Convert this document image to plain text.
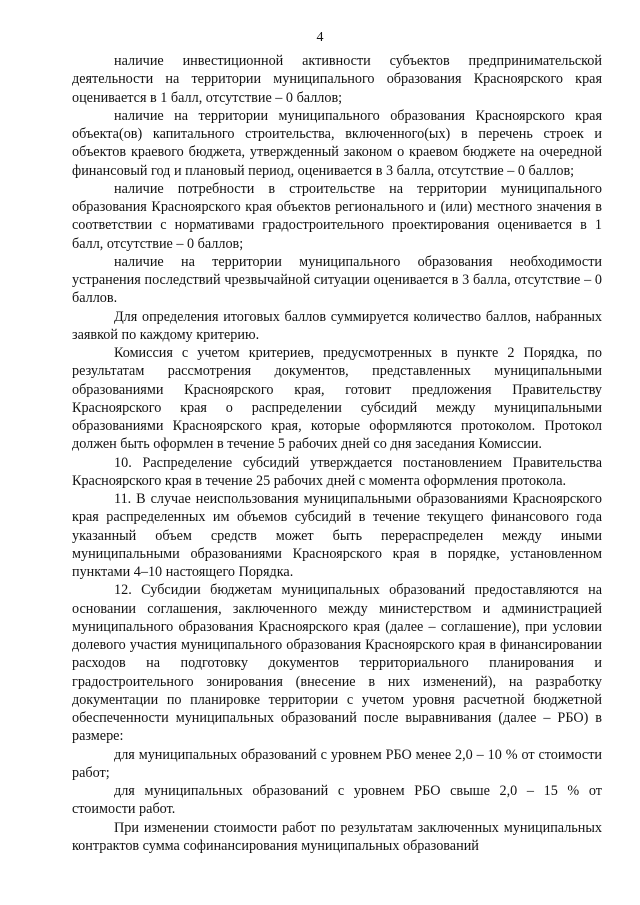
4

наличие инвестиционной активности субъектов предпринимательской деятельности на территории муниципального образования Красноярского края оценивается в 1 балл, отсутствие – 0 баллов;

наличие на территории муниципального образования Красноярского края объекта(ов) капитального строительства, включенного(ых) в перечень строек и объектов краевого бюджета, утвержденный законом о краевом бюджете на очередной финансовый год и плановый период, оценивается в 3 балла, отсутствие – 0 баллов;

наличие потребности в строительстве на территории муниципального образования Красноярского края объектов регионального и (или) местного значения в соответствии с нормативами градостроительного проектирования оценивается в 1 балл, отсутствие – 0 баллов;

наличие на территории муниципального образования необходимости устранения последствий чрезвычайной ситуации оценивается в 3 балла, отсутствие – 0 баллов.

Для определения итоговых баллов суммируется количество баллов, набранных заявкой по каждому критерию.

Комиссия с учетом критериев, предусмотренных в пункте 2 Порядка, по результатам рассмотрения документов, представленных муниципальными образованиями Красноярского края, готовит предложения Правительству Красноярского края о распределении субсидий между муниципальными образованиями Красноярского края, которые оформляются протоколом. Протокол должен быть оформлен в течение 5 рабочих дней со дня заседания Комиссии.

10. Распределение субсидий утверждается постановлением Правительства Красноярского края в течение 25 рабочих дней с момента оформления протокола.

11. В случае неиспользования муниципальными образованиями Красноярского края распределенных им объемов субсидий в течение текущего финансового года указанный объем средств может быть перераспределен между иными муниципальными образованиями Красноярского края в порядке, установленном пунктами 4–10 настоящего Порядка.

12. Субсидии бюджетам муниципальных образований предоставляются на основании соглашения, заключенного между министерством и администрацией муниципального образования Красноярского края (далее – соглашение), при условии долевого участия муниципального образования Красноярского края в финансировании расходов на подготовку документов территориального планирования и градостроительного зонирования (внесение в них изменений), на разработку документации по планировке территории с учетом уровня расчетной бюджетной обеспеченности муниципальных образований после выравнивания (далее – РБО) в размере:

для муниципальных образований с уровнем РБО менее 2,0 – 10 % от стоимости работ;

для муниципальных образований с уровнем РБО свыше 2,0 – 15 % от стоимости работ.

При изменении стоимости работ по результатам заключенных муниципальных контрактов сумма софинансирования муниципальных образований
